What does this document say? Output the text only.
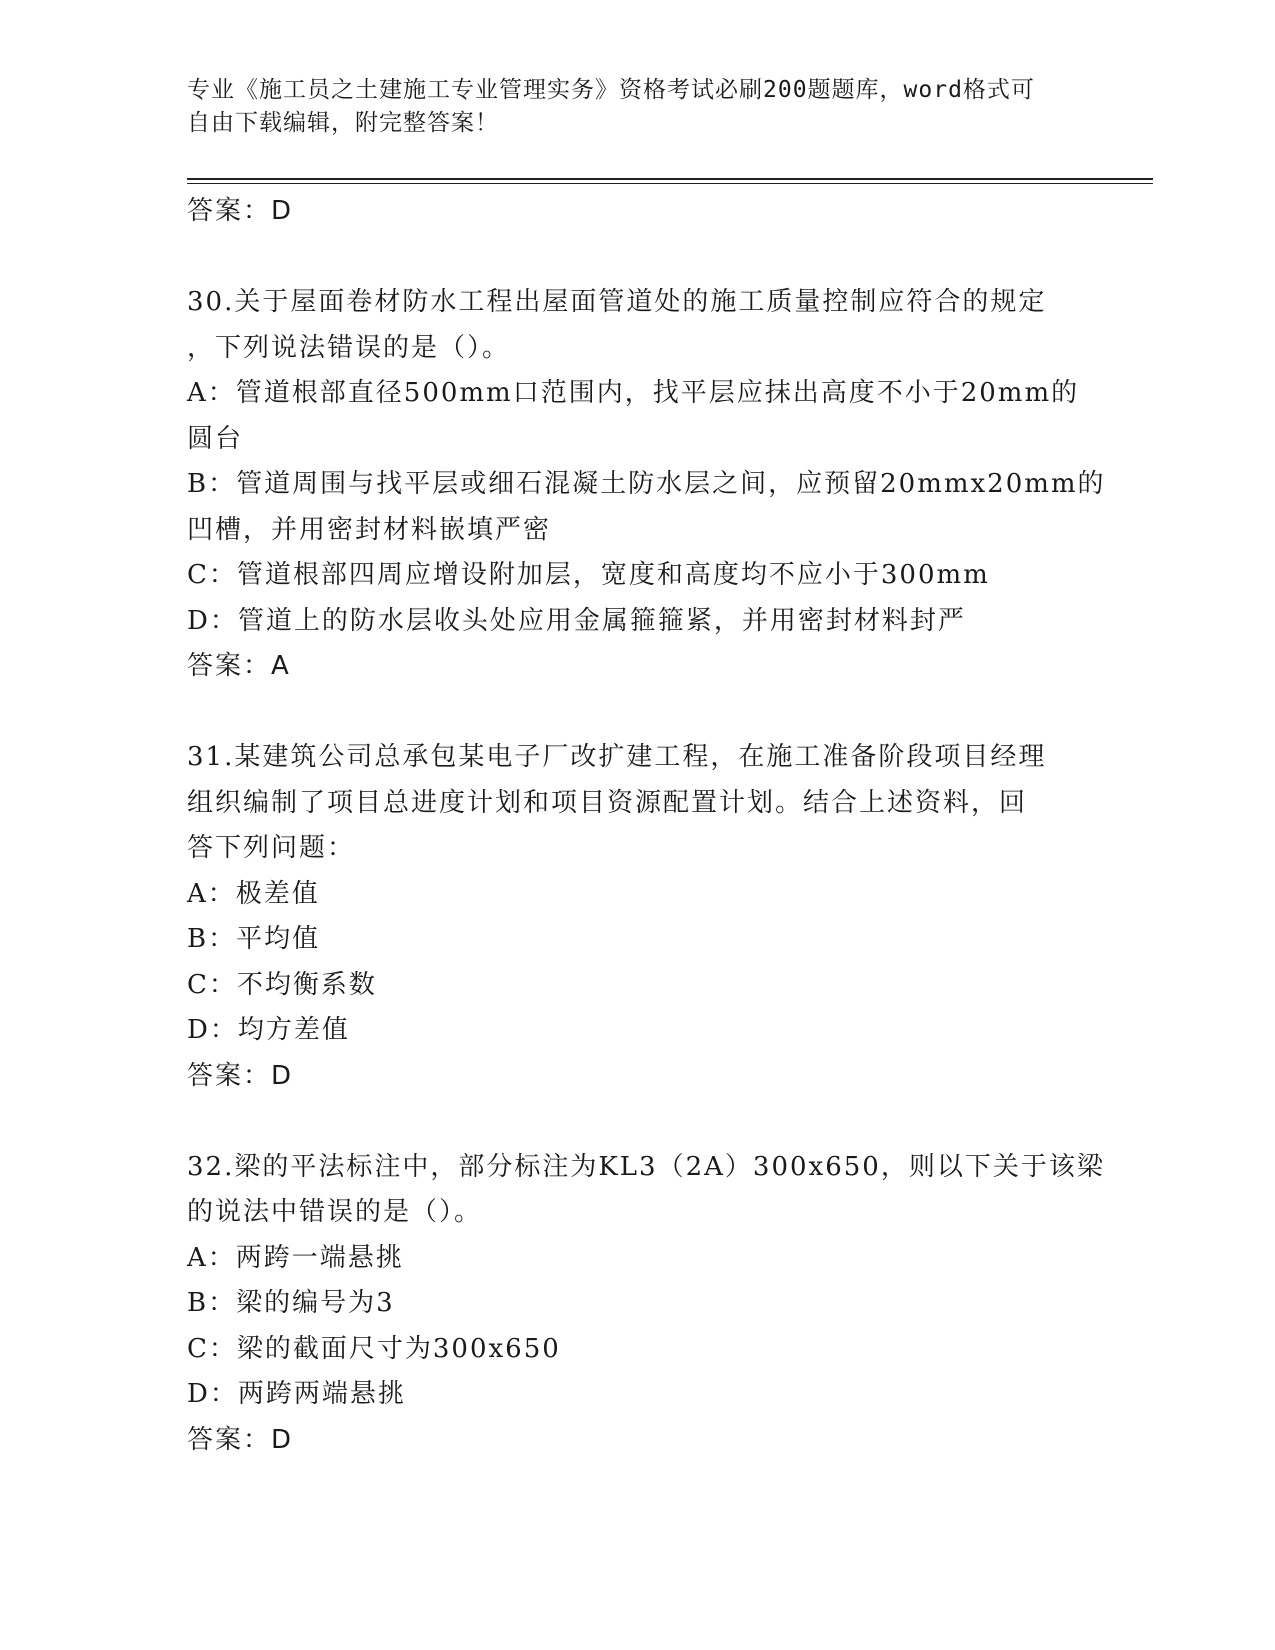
专业《施工员之土建施工专业管理实务》资格考试必刷200题题库，word格式可
自由下载编辑，附完整答案！
答案：D
30.关于屋面卷材防水工程出屋面管道处的施工质量控制应符合的规定
，下列说法错误的是（）。
A：管道根部直径500mm口范围内，找平层应抹出高度不小于20mm的
圆台
B：管道周围与找平层或细石混凝土防水层之间，应预留20mmx20mm的
凹槽，并用密封材料嵌填严密
C：管道根部四周应增设附加层，宽度和高度均不应小于300mm
D：管道上的防水层收头处应用金属箍箍紧，并用密封材料封严
答案：A
31.某建筑公司总承包某电子厂改扩建工程，在施工准备阶段项目经理
组织编制了项目总进度计划和项目资源配置计划。结合上述资料，回
答下列问题：
A：极差值
B：平均值
C：不均衡系数
D：均方差值
答案：D
32.梁的平法标注中，部分标注为KL3（2A）300x650，则以下关于该梁
的说法中错误的是（）。
A：两跨一端悬挑
B：梁的编号为3
C：梁的截面尺寸为300x650
D：两跨两端悬挑
答案：D
